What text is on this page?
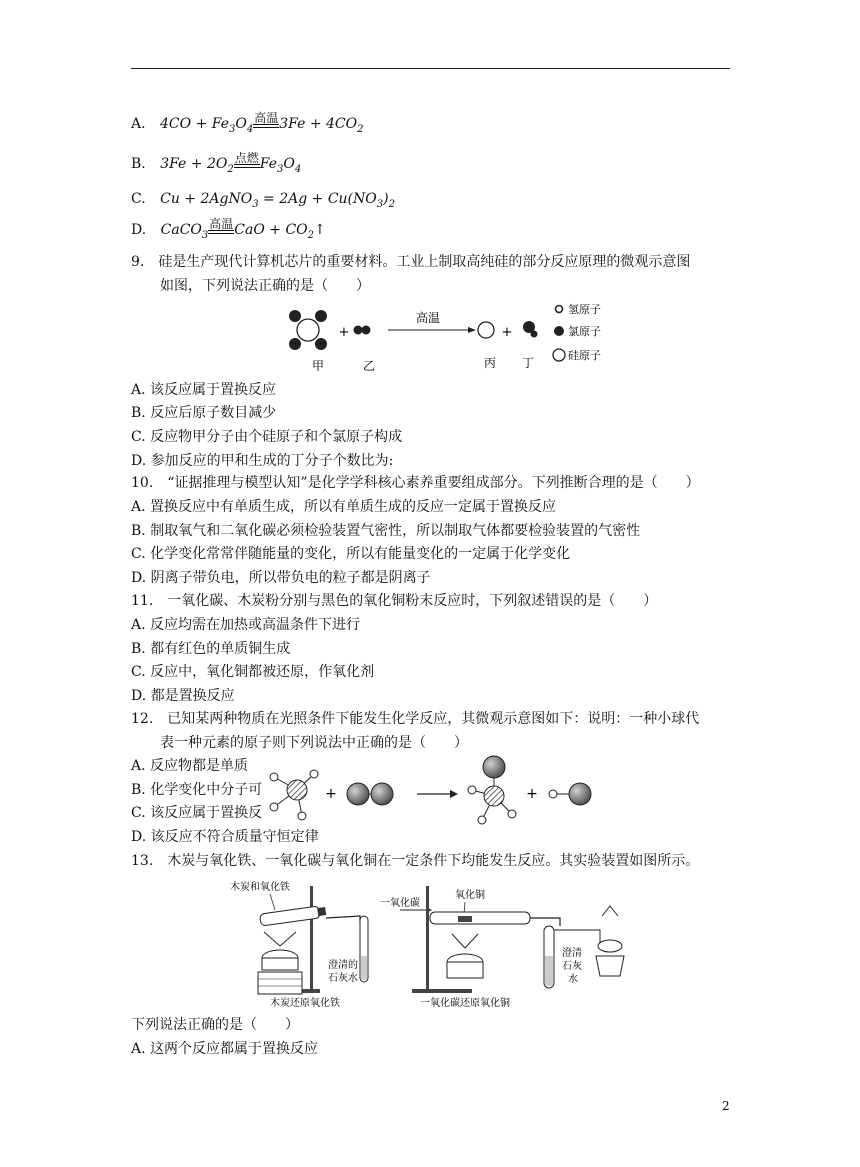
A. $4CO + Fe_3O_4$高温$3Fe + 4CO_2$
B. $3Fe + 2O_2$点燃$Fe_3O_4$
C. Cu + 2AgNO$_3$ = $2Ag + Cu(NO_3)_2$
D. CaCO$_3$高温CaO + $CO_2↑$
9.　硅是生产现代计算机芯片的重要材料。工业上制取高纯硅的部分反应原理的微观示意图
如图，下列说法正确的是（　　）
+
高温
+
氢原子
氯原子
硅原子
甲	乙	丙 丁
A. 该反应属于置换反应
B. 反应后原子数目减少
C. 反应物甲分子由个硅原子和个氯原子构成
D. 参加反应的甲和生成的丁分子个数比为:
10.　“证据推理与模型认知”是化学学科核心素养重要组成部分。下列推断合理的是（　　）
A. 置换反应中有单质生成，所以有单质生成的反应一定属于置换反应
B. 制取氧气和二氧化碳必须检验装置气密性，所以制取气体都要检验装置的气密性
C. 化学变化常常伴随能量的变化，所以有能量变化的一定属于化学变化
D. 阴离子带负电，所以带负电的粒子都是阴离子
11.　一氧化碳、木炭粉分别与黑色的氧化铜粉末反应时，下列叙述错误的是（　　）
A. 反应均需在加热或高温条件下进行
B. 都有红色的单质铜生成
C. 反应中，氧化铜都被还原，作氧化剂
D. 都是置换反应
12.　已知某两种物质在光照条件下能发生化学反应，其微观示意图如下：说明：一种小球代
表一种元素的原子则下列说法中正确的是（　　）
A. 反应物都是单质
B. 化学变化中分子可
C. 该反应属于置换反
D. 该反应不符合质量守恒定律
+	+
13.　木炭与氧化铁、一氧化碳与氧化铜在一定条件下均能发生反应。其实验装置如图所示。
木炭和氧化铁
澄清的
石灰水
木炭还原氧化铁
一氧化碳
氧化铜
澄清
石灰
水
一氧化碳还原氧化铜
下列说法正确的是（　　）
A. 这两个反应都属于置换反应
2
